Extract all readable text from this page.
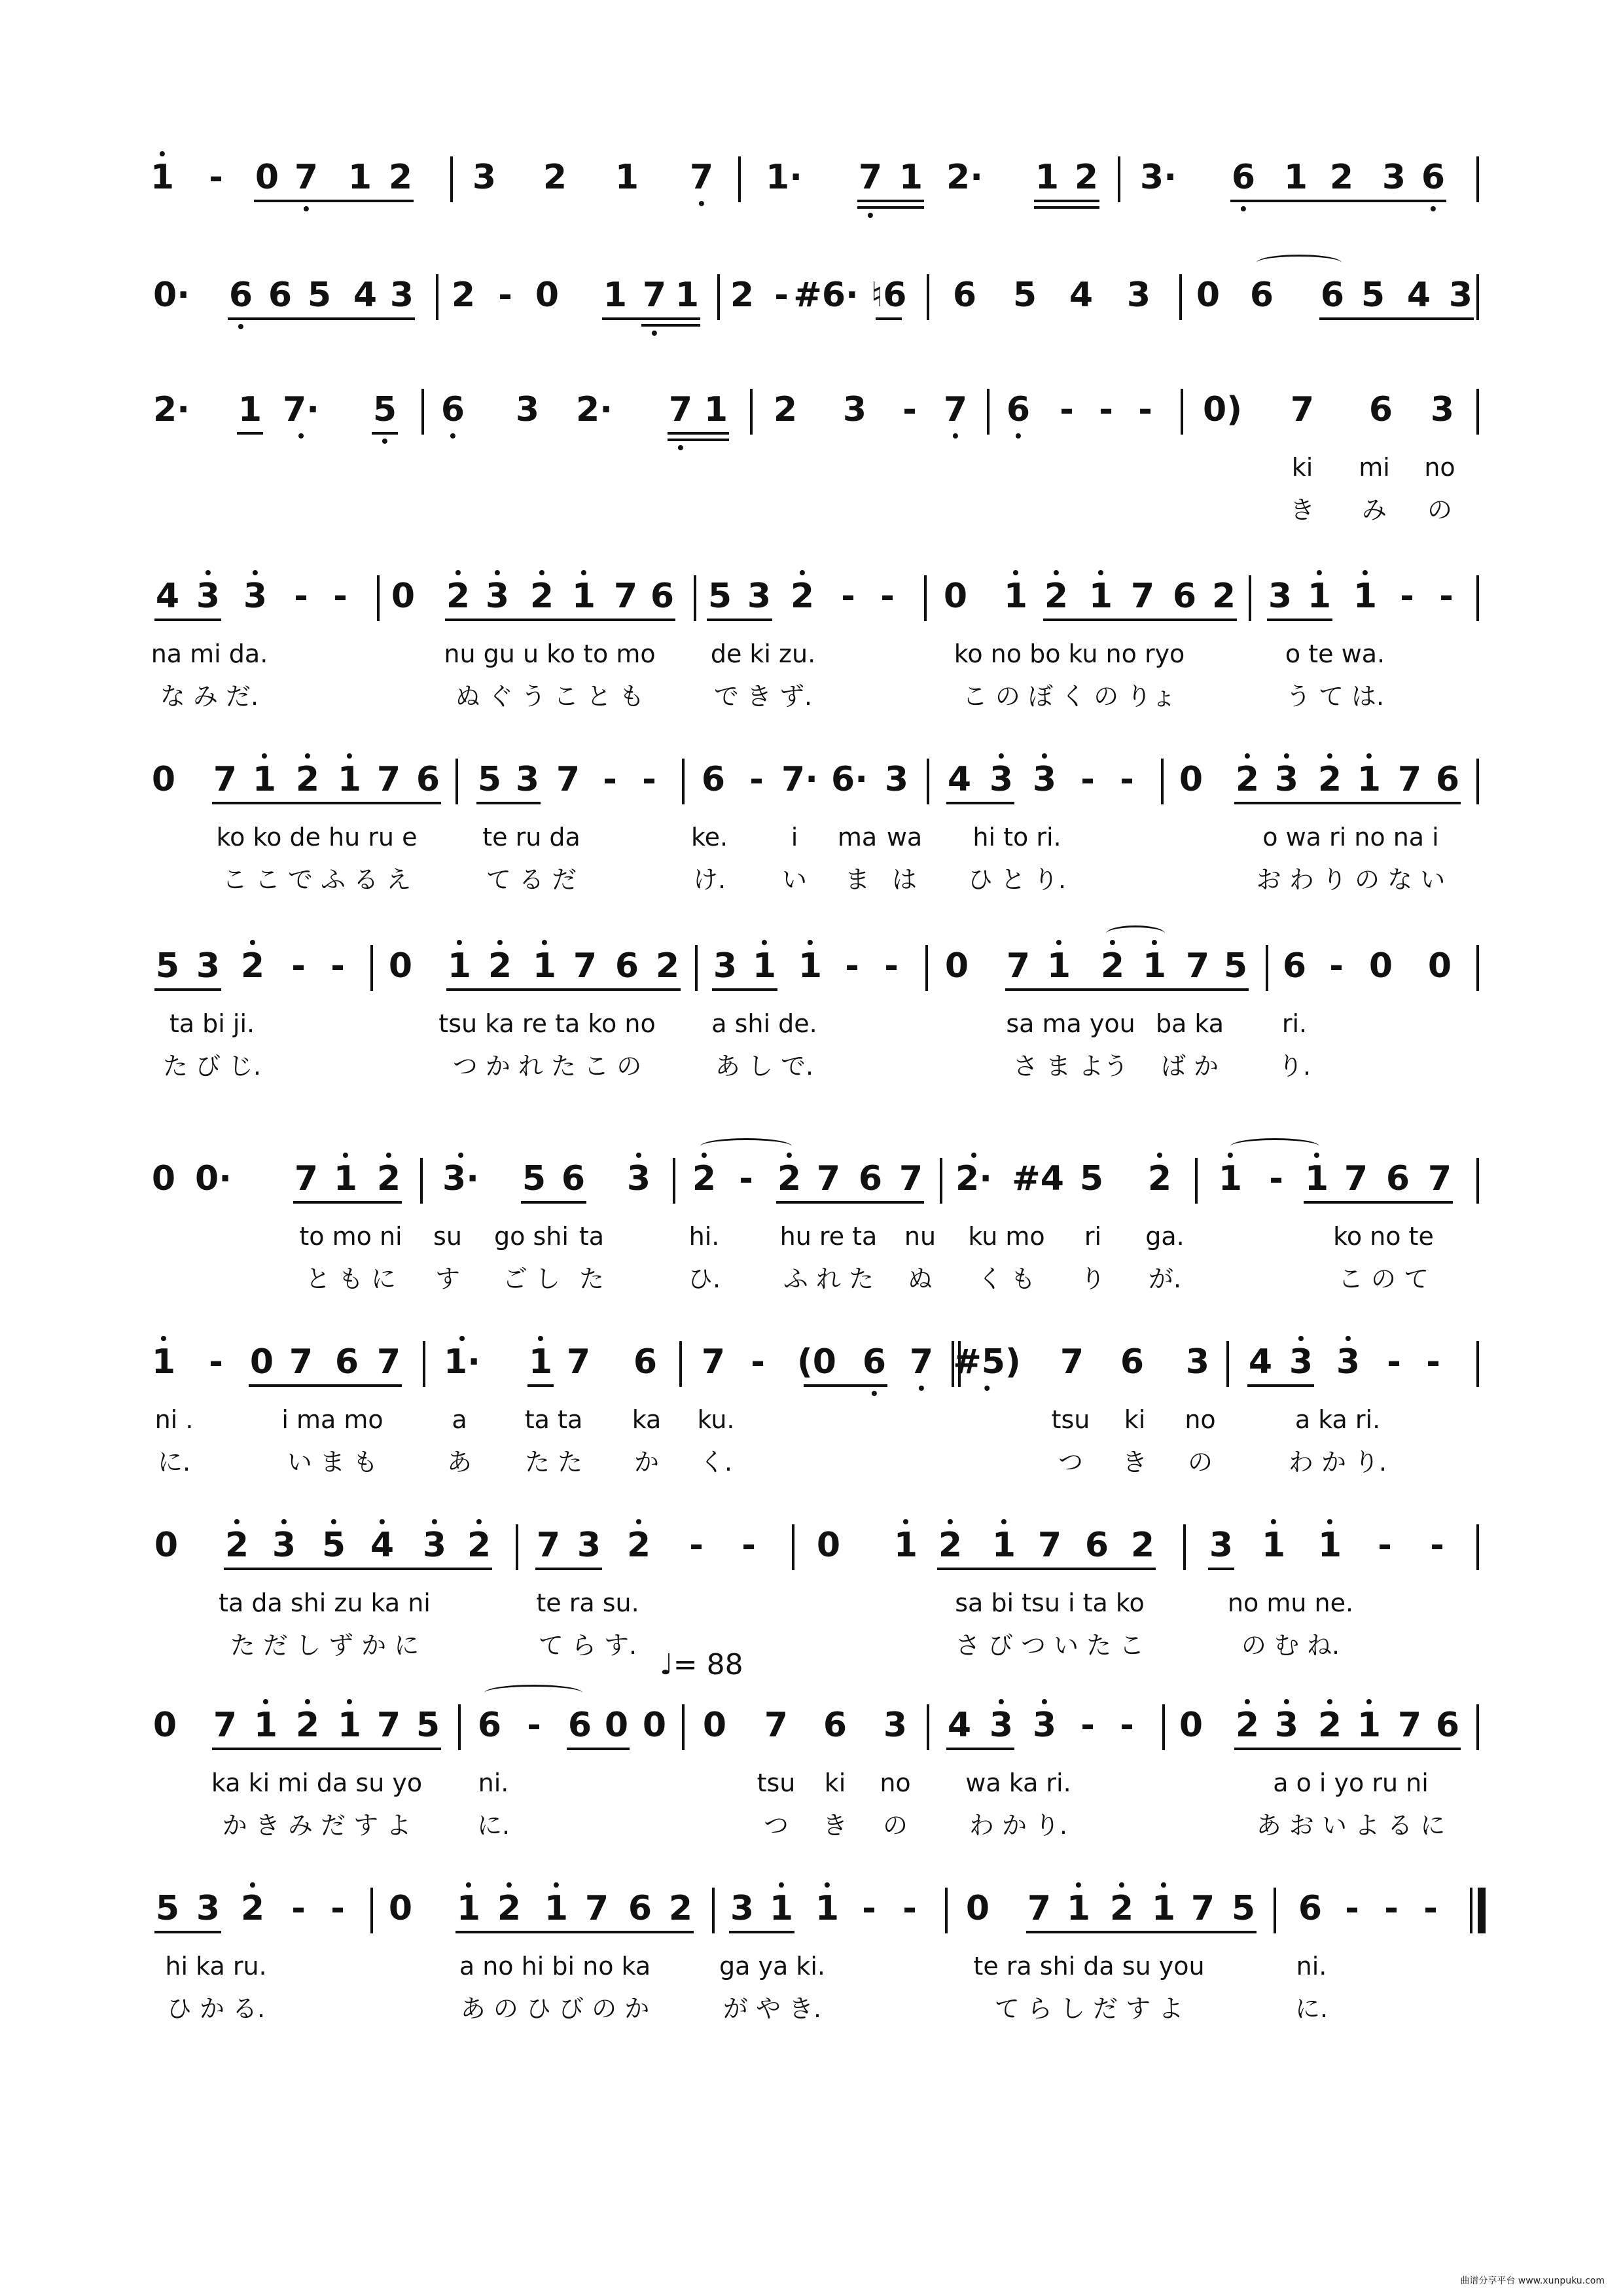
1 - 0 7 1 2 3 2 1 7 1· 7 1 2· 1 2 3· 6 1 2 3 6
0· 6 6 5 4 3 2 - 0 1 7 1 2 - #6· ♮6 6 5 4 3 0 6 6 5 4 3
2· 1 7· 5 6 3 2· 7 1 2 3 - 7 6 - - - 0) 7 6 3
ki mi no
き み の
4 3 3 - - 0 2 3 2 1 7 6 5 3 2 - - 0 1 2 1 7 6 2 3 1 1 - -
na mi da.	nu gu u ko to mo de ki zu.	ko no bo ku no ryo	o te wa.
な み だ.	ぬ ぐ う こ と も	で き ず.	こ の ぼ く の りょ	う て は.
0 7 1 2 1 7 6 5 3 7 - - 6 - 7· 6· 3 4 3 3 - - 0 2 3 2 1 7 6
ko ko de hu ru e	te ru da	ke.	i ma wa hi to ri.	o wa ri no na i
こ こ で ふ る え	て る だ	け. い ま は ひ と り.	お わ り の な い
5 3 2 - - 0 1 2 1 7 6 2 3 1 1 - - 0 7 1 2 1 7 5 6 - 0 0
ta bi ji.	tsu ka re ta ko no a shi de.	sa ma you ba ka ri.
た び じ.	つ か れ た こ の	あ し で.	さ ま よう ば か り.
0 0· 7 1 2 3· 5 6 3 2 - 2 7 6 7 2· #4 5 2 1 - 1 7 6 7
to mo ni su go shi ta	hi. hu re ta nu ku mo ri ga.	ko no te
と も に す ご し た	ひ.	ふ れ た ぬ く も り が.	こ の て
1 - 0 7 6 7 1· 1 7 6 7 - (0 6 7 #5) 7 6 3 4 3 3 - -
ni .	i ma mo	a ta ta ka ku.	tsu ki no	a ka ri.
に.	い ま も	あ た た か く.	つ き の	わ か り.
0 2 3 5 4 3 2 7 3 2 - - 0 1 2 1 7 6 2 3 1 1 - -
ta da shi zu ka ni	te ra su.	sa bi tsu i ta ko	no mu ne.
た だ し ず か に	て ら す.	さ び つ い た こ	の む ね.
0 7 1 2 1 7 5 6 - 6 0 0 0 7 6 3 4 3 3 - - 0 2 3 2 1 7 6
ka ki mi da su yo ni.	tsu ki no wa ka ri.	a o i yo ru ni
か き み だ す よ	に.	つ き の わ か り.	あ お い よ る に
5 3 2 - - 0 1 2 1 7 6 2 3 1 1 - - 0 7 1 2 1 7 5 6 - - -
hi ka ru.	a no hi bi no ka	ga ya ki.	te ra shi da su you	ni.
ひ か る.	あ の ひ び の か	が や き.	て ら し だ す よ	に.
♩= 88
曲谱分享平台 www.xunpuku.com
